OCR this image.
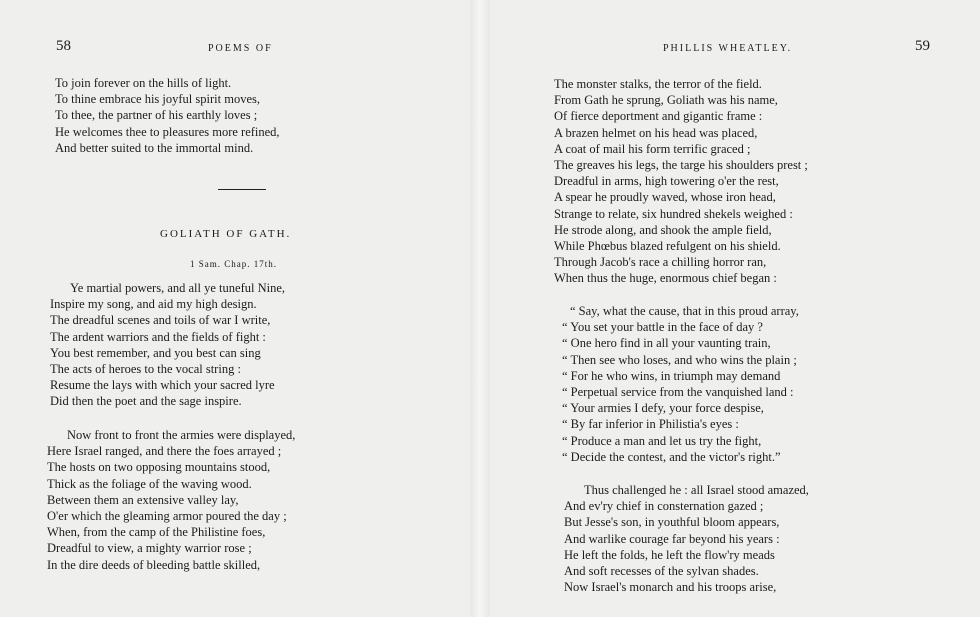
58	POEMS OF
To join forever on the hills of light.
To thine embrace his joyful spirit moves,
To thee, the partner of his earthly loves ;
He welcomes thee to pleasures more refined,
And better suited to the immortal mind.
GOLIATH OF GATH.
1 Sam. Chap. 17th.
Ye martial powers, and all ye tuneful Nine,
Inspire my song, and aid my high design.
The dreadful scenes and toils of war I write,
The ardent warriors and the fields of fight :
You best remember, and you best can sing
The acts of heroes to the vocal string :
Resume the lays with which your sacred lyre
Did then the poet and the sage inspire.
Now front to front the armies were displayed,
Here Israel ranged, and there the foes arrayed ;
The hosts on two opposing mountains stood,
Thick as the foliage of the waving wood.
Between them an extensive valley lay,
O'er which the gleaming armor poured the day ;
When, from the camp of the Philistine foes,
Dreadful to view, a mighty warrior rose ;
In the dire deeds of bleeding battle skilled,
PHILLIS WHEATLEY.	59
The monster stalks, the terror of the field.
From Gath he sprung, Goliath was his name,
Of fierce deportment and gigantic frame :
A brazen helmet on his head was placed,
A coat of mail his form terrific graced ;
The greaves his legs, the targe his shoulders prest ;
Dreadful in arms, high towering o'er the rest,
A spear he proudly waved, whose iron head,
Strange to relate, six hundred shekels weighed :
He strode along, and shook the ample field,
While Phœbus blazed refulgent on his shield.
Through Jacob's race a chilling horror ran,
When thus the huge, enormous chief began :
“ Say, what the cause, that in this proud array,
“ You set your battle in the face of day ?
“ One hero find in all your vaunting train,
“ Then see who loses, and who wins the plain ;
“ For he who wins, in triumph may demand
“ Perpetual service from the vanquished land :
“ Your armies I defy, your force despise,
“ By far inferior in Philistia's eyes :
“ Produce a man and let us try the fight,
“ Decide the contest, and the victor's right.”
Thus challenged he : all Israel stood amazed,
And ev'ry chief in consternation gazed ;
But Jesse's son, in youthful bloom appears,
And warlike courage far beyond his years :
He left the folds, he left the flow'ry meads
And soft recesses of the sylvan shades.
Now Israel's monarch and his troops arise,
